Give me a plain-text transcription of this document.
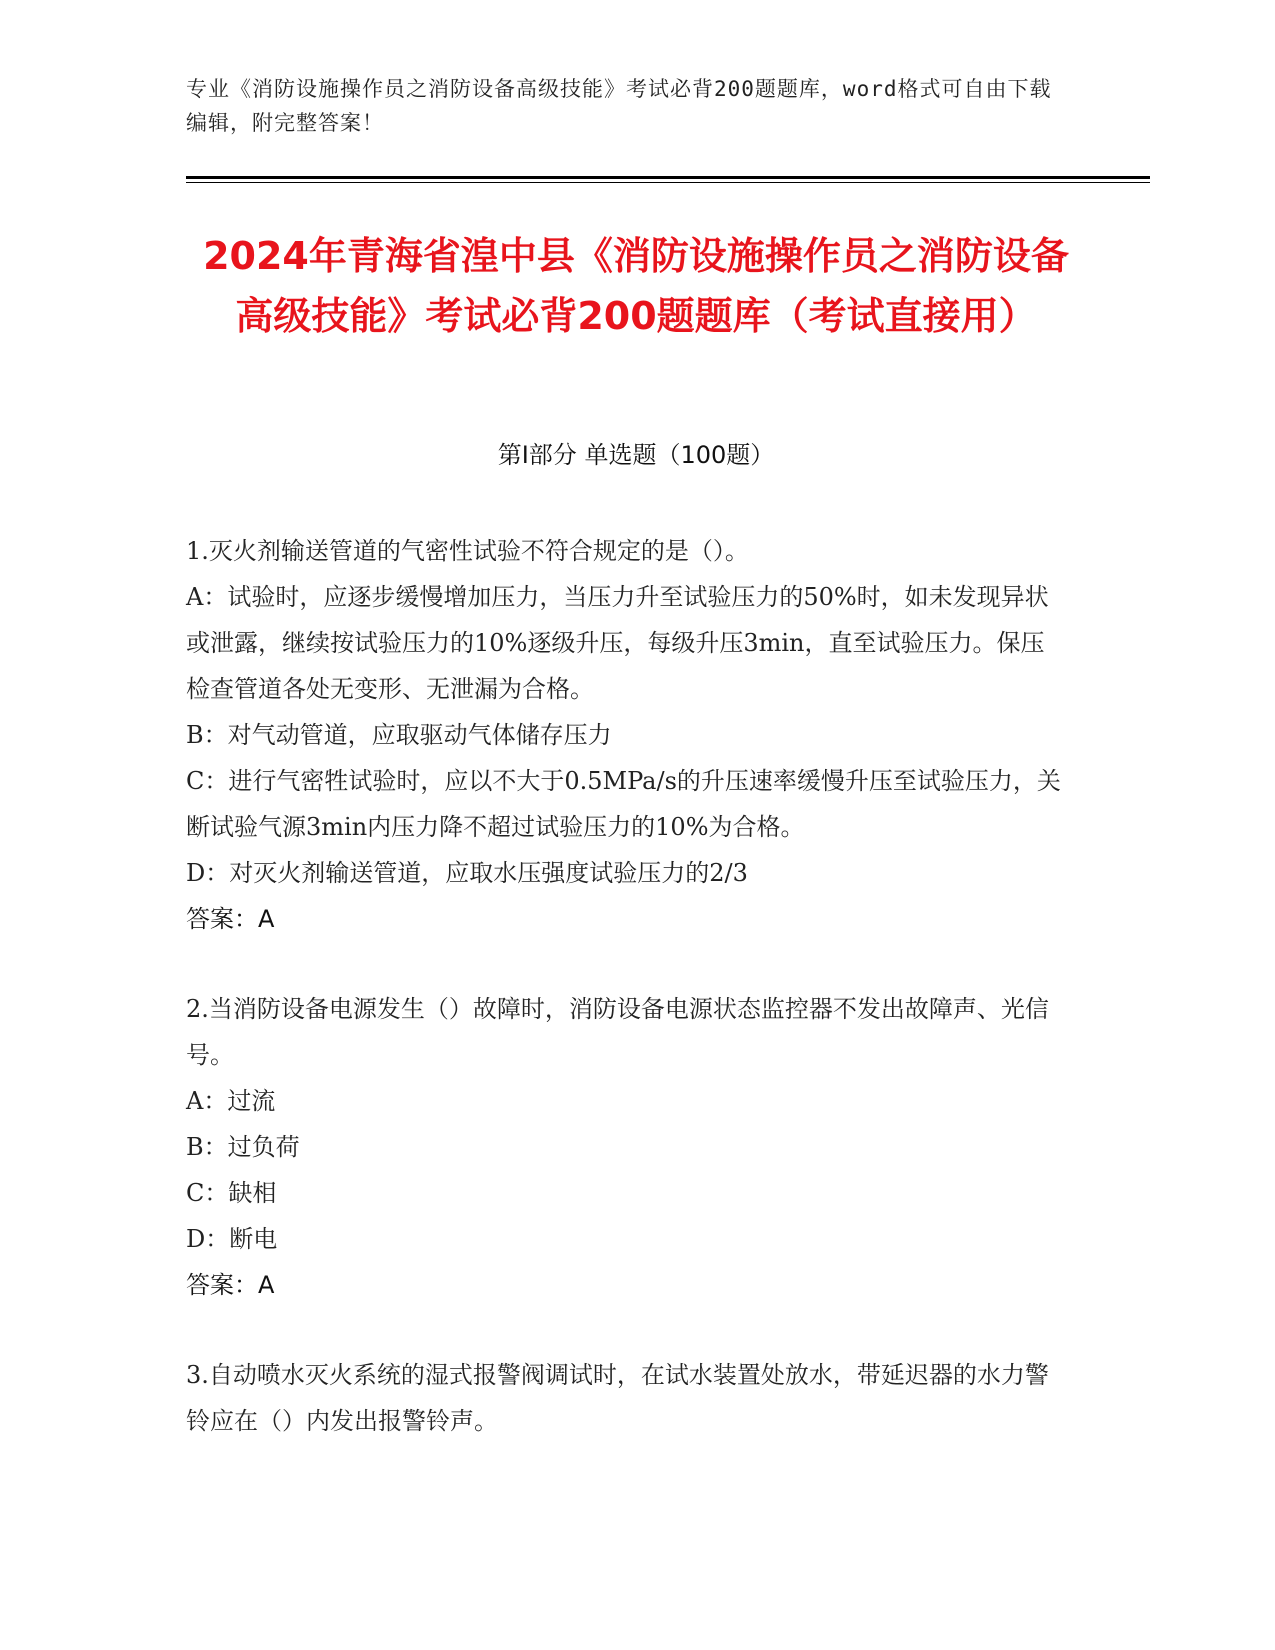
专业《消防设施操作员之消防设备高级技能》考试必背200题题库，word格式可自由下载编辑，附完整答案！
2024年青海省湟中县《消防设施操作员之消防设备高级技能》考试必背200题题库（考试直接用）
第I部分 单选题（100题）

1.灭火剂输送管道的气密性试验不符合规定的是（）。

A：试验时，应逐步缓慢增加压力，当压力升至试验压力的50%时，如未发现异状或泄露，继续按试验压力的10%逐级升压，每级升压3min，直至试验压力。保压检查管道各处无变形、无泄漏为合格。

B：对气动管道，应取驱动气体储存压力

C：进行气密牲试验时，应以不大于0.5MPa/s的升压速率缓慢升压至试验压力，关断试验气源3min内压力降不超过试验压力的10%为合格。

D：对灭火剂输送管道，应取水压强度试验压力的2/3

答案：A

2.当消防设备电源发生（）故障时，消防设备电源状态监控器不发出故障声、光信号。

A：过流

B：过负荷

C：缺相

D：断电

答案：A

3.自动喷水灭火系统的湿式报警阀调试时，在试水装置处放水，带延迟器的水力警铃应在（）内发出报警铃声。
